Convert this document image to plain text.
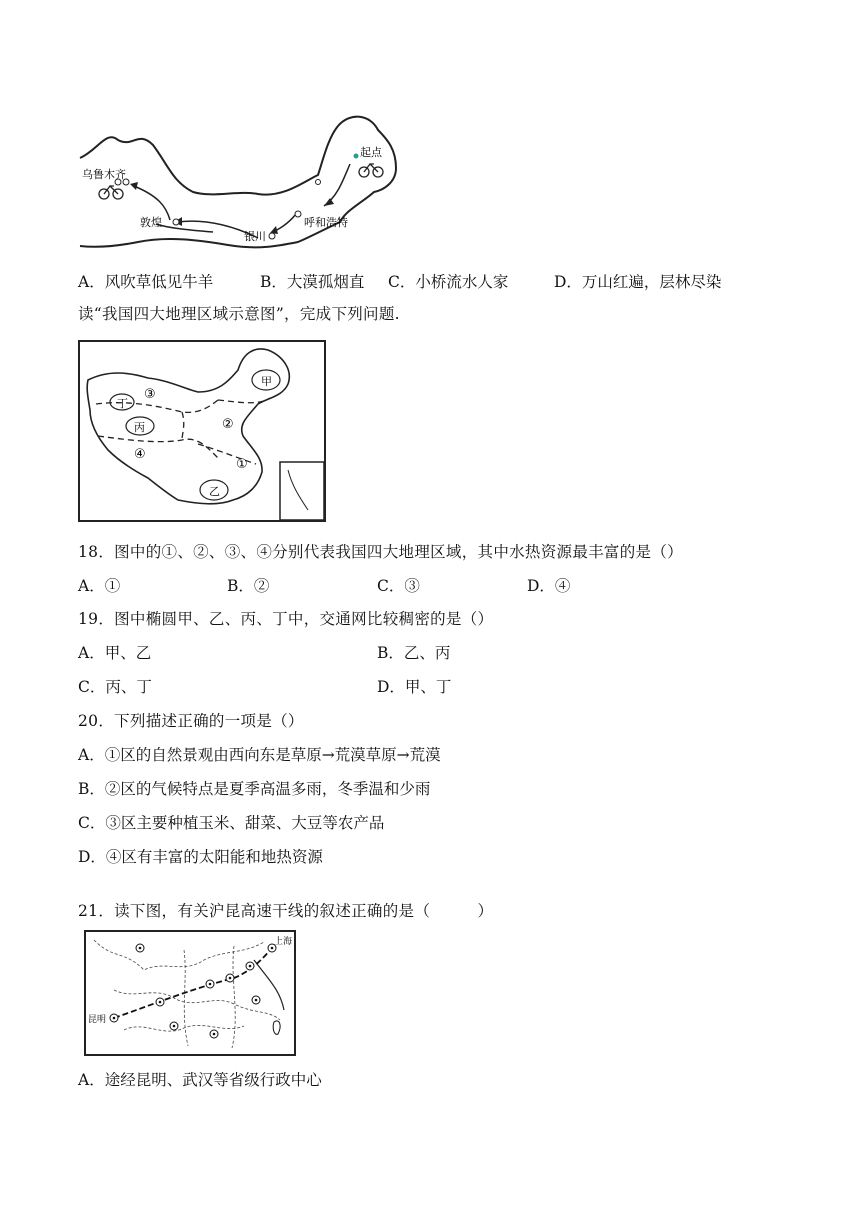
乌鲁木齐
起点
呼和浩特
敦煌
银川
A．风吹草低见牛羊	B．大漠孤烟直 C．小桥流水人家	D．万山红遍，层林尽染
读“我国四大地理区域示意图”，完成下列问题.
甲
乙
丙
丁
①
②
③
④
18．图中的①、②、③、④分别代表我国四大地理区域，其中水热资源最丰富的是（）
A．①	B．②	C．③	D．④
19．图中椭圆甲、乙、丙、丁中，交通网比较稠密的是（）
A．甲、乙	B．乙、丙
C．丙、丁	D．甲、丁
20．下列描述正确的一项是（）
A．①区的自然景观由西向东是草原→荒漠草原→荒漠
B．②区的气候特点是夏季高温多雨，冬季温和少雨
C．③区主要种植玉米、甜菜、大豆等农产品
D．④区有丰富的太阳能和地热资源
21．读下图，有关沪昆高速干线的叙述正确的是（　　　）
上海
昆明
A．途经昆明、武汉等省级行政中心
